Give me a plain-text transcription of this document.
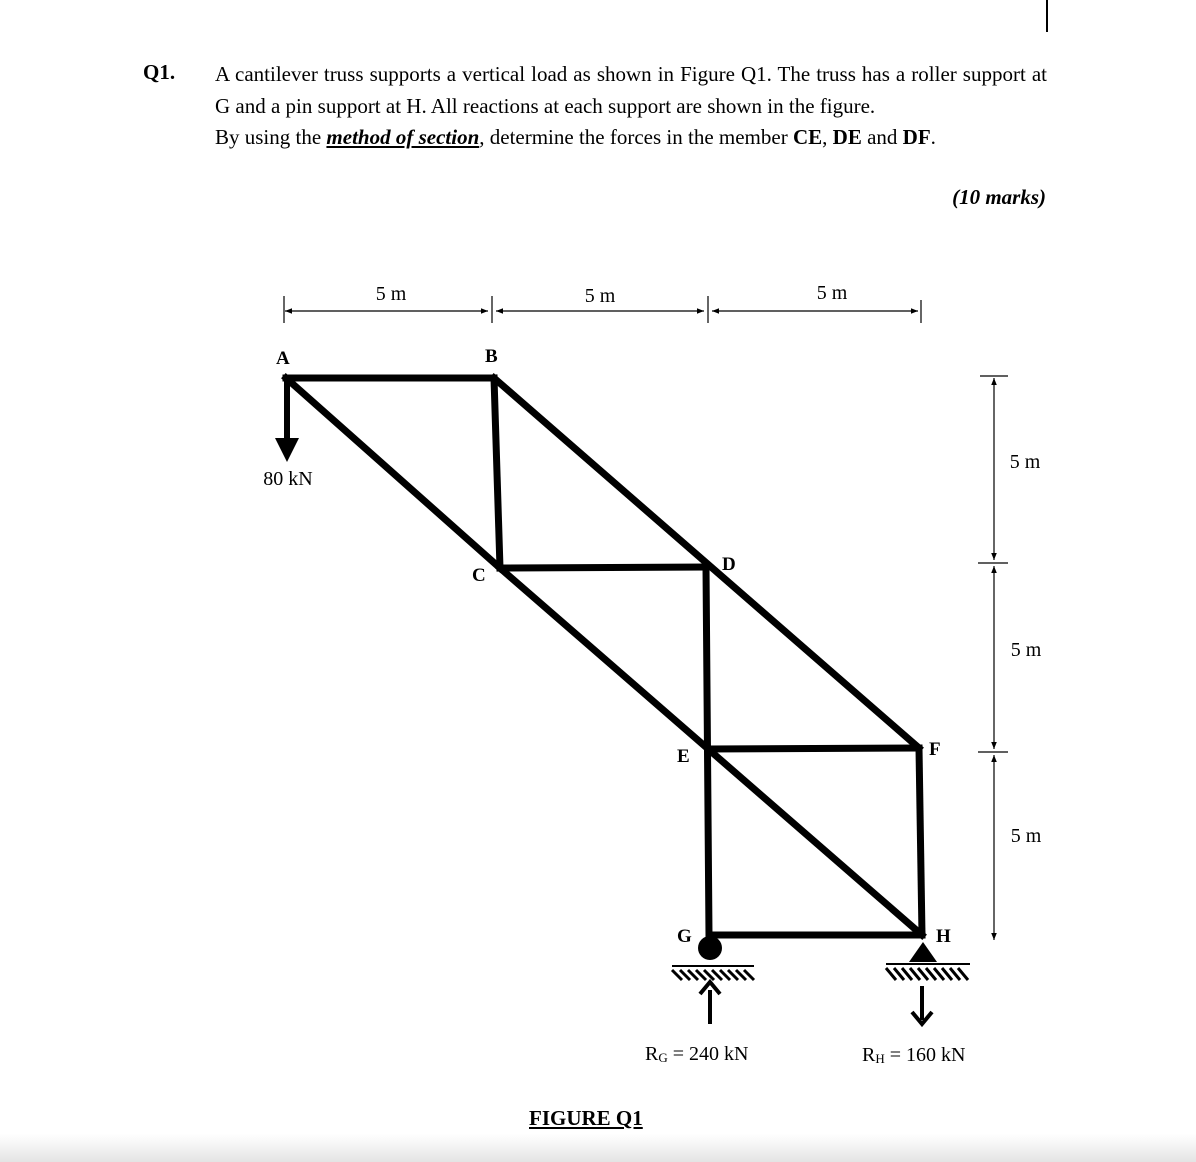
Q1. A cantilever truss supports a vertical load as shown in Figure Q1. The truss has a roller support at G and a pin support at H. All reactions at each support are shown in the figure.

By using the method of section, determine the forces in the member CE, DE and DF.

(10 marks)
5 m	5 m	5 m
5 m
5 m
5 m
80 kN
A	B
C
D
E	F
G	H
RG = 240 kN	RH = 160 kN
FIGURE Q1
